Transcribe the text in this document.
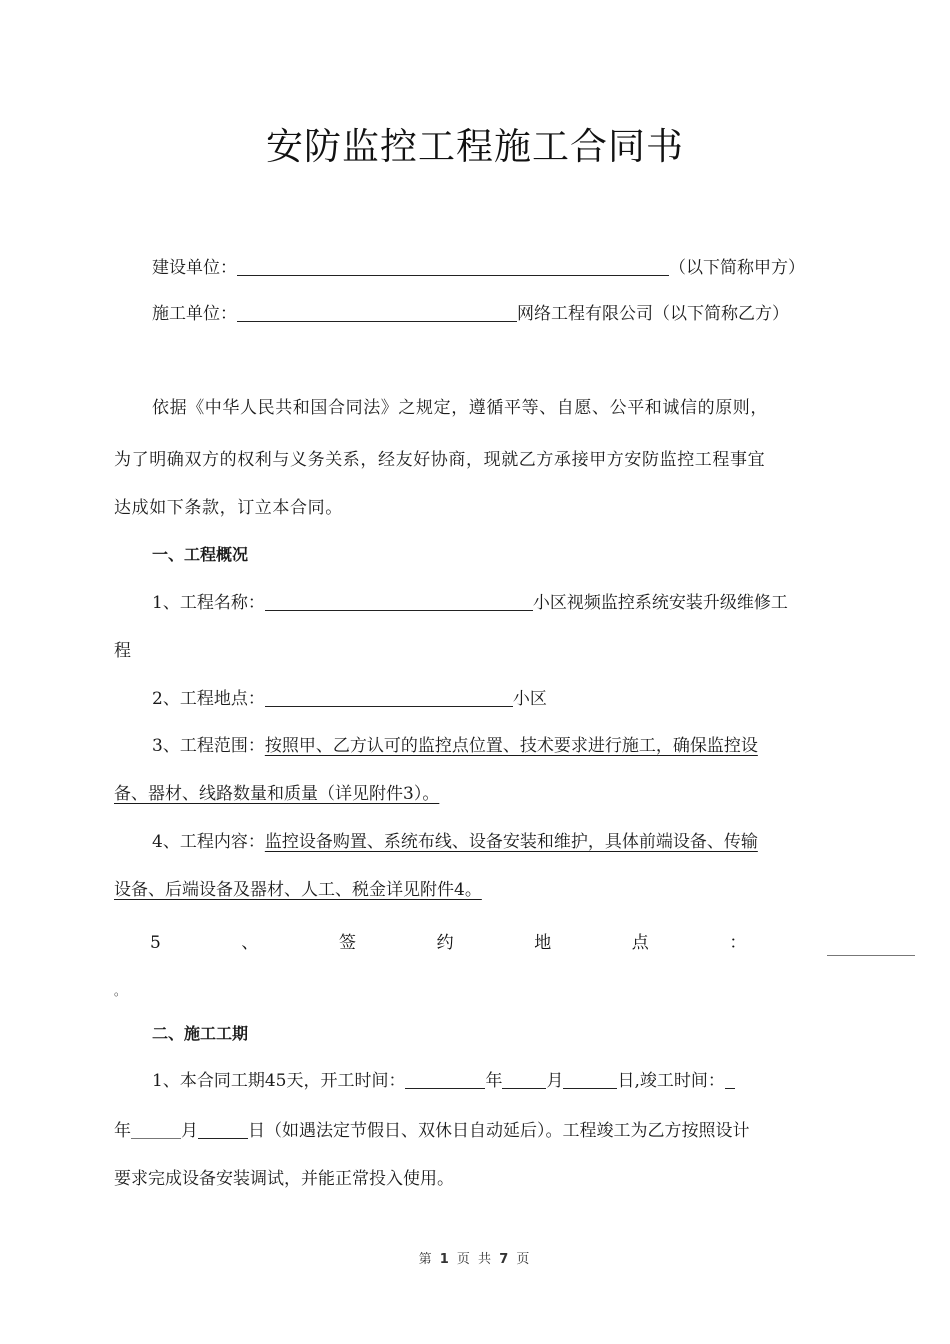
安防监控工程施工合同书
建设单位：	（以下简称甲方）
施工单位：	网络工程有限公司（以下简称乙方）
依据《中华人民共和国合同法》之规定，遵循平等、自愿、公平和诚信的原则，
为了明确双方的权利与义务关系，经友好协商，现就乙方承接甲方安防监控工程事宜
达成如下条款，订立本合同。
一、工程概况
1、工程名称：	小区视频监控系统安装升级维修工
程
2、工程地点：	小区
3、工程范围：按照甲、乙方认可的监控点位置、技术要求进行施工，确保监控设
备、器材、线路数量和质量（详见附件3）。
4、工程内容：监控设备购置、系统布线、设备安装和维护，具体前端设备、传输
设备、后端设备及器材、人工、税金详见附件4。
5	、	签	约	地	点	：
。
二、施工工期
1、本合同工期45天，开工时间：	年	月	日,竣工时间：
年	月	日（如遇法定节假日、双休日自动延后）。工程竣工为乙方按照设计
要求完成设备安装调试，并能正常投入使用。
第 1 页 共 7 页
